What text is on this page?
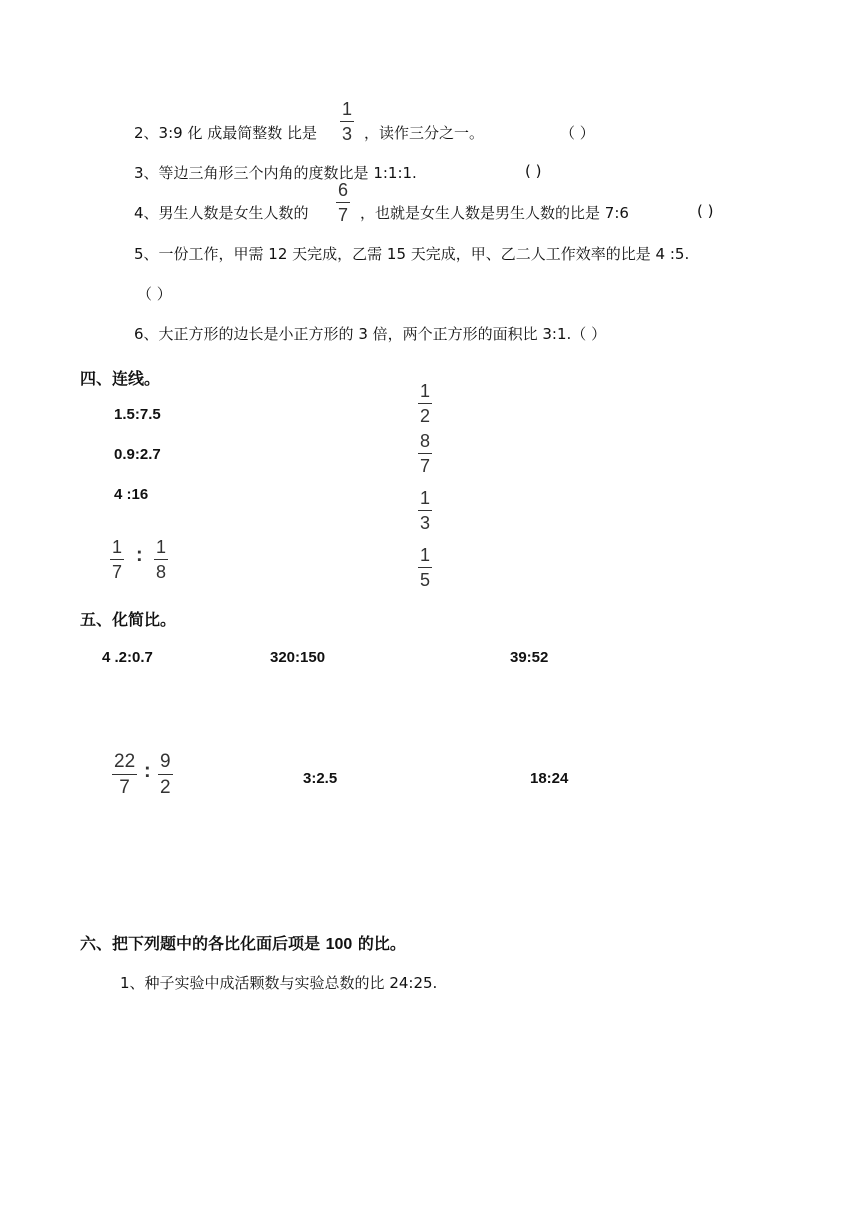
2、3:9 化 成最简整数 比是
1
3 ，读作三分之一。	（ ）
3、等边三角形三个内角的度数比是 1:1:1.	( )
4、男生人数是女生人数的
6
7 ，也就是女生人数是男生人数的比是 7:6	( )
5、一份工作，甲需 12 天完成，乙需 15 天完成，甲、乙二人工作效率的比是 4 :5.
（ ）
6、大正方形的边长是小正方形的 3 倍，两个正方形的面积比 3:1.（ ）
四、连线。
1.5:7.5
0.9:2.7
4 :16
1
7
: 1
8
1
2
8
7
1
3
1
5
五、化简比。
4 .2:0.7	320:150	39:52
22
7
: 9
2	3:2.5	18:24
六、把下列题中的各比化面后项是 100 的比。
1、种子实验中成活颗数与实验总数的比 24:25.
